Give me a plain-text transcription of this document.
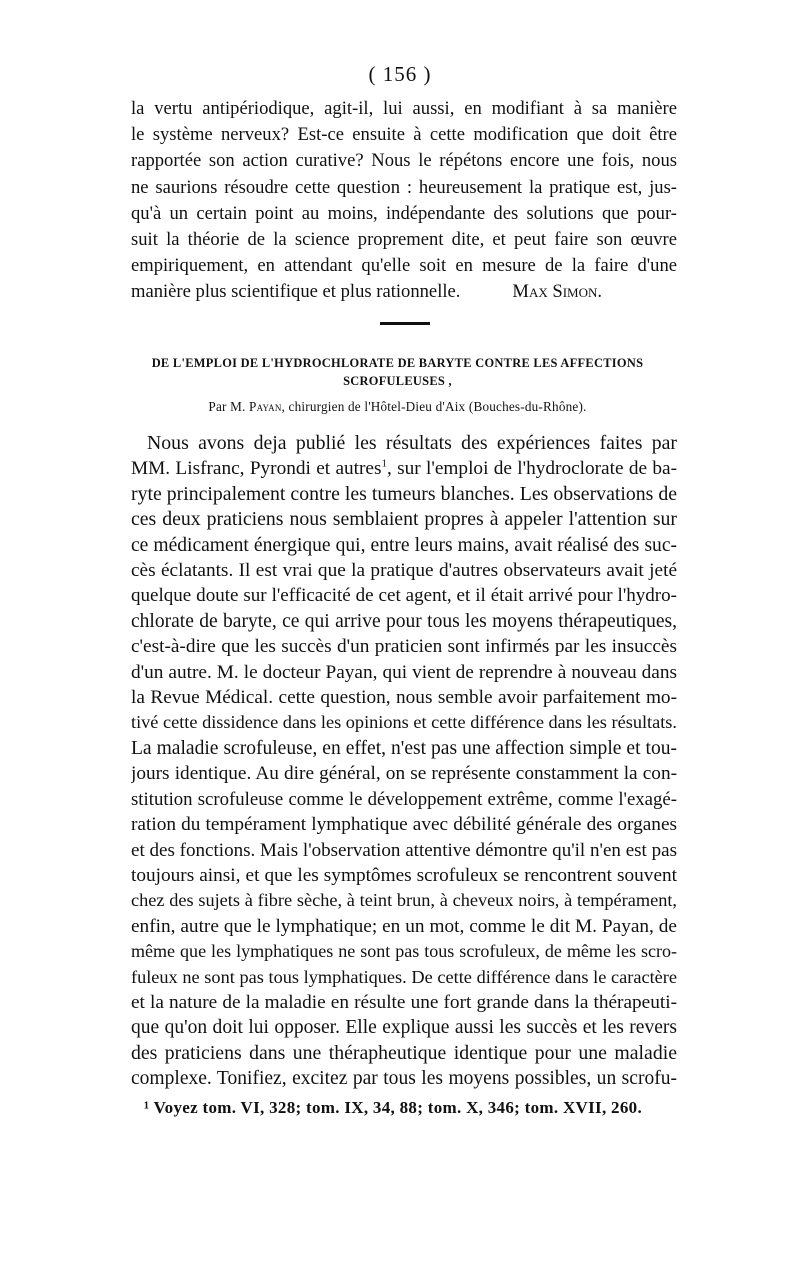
( 156 )
la vertu antipériodique, agit-il, lui aussi, en modifiant à sa manière
le système nerveux? Est-ce ensuite à cette modification que doit être
rapportée son action curative? Nous le répétons encore une fois, nous
ne saurions résoudre cette question : heureusement la pratique est, jus-
qu'à un certain point au moins, indépendante des solutions que pour-
suit la théorie de la science proprement dite, et peut faire son œuvre
empiriquement, en attendant qu'elle soit en mesure de la faire d'une
manière plus scientifique et plus rationnelle.	Max Simon.
DE L'EMPLOI DE L'HYDROCHLORATE DE BARYTE CONTRE LES AFFECTIONS
SCROFULEUSES ,
Par M. Payan, chirurgien de l'Hôtel-Dieu d'Aix (Bouches-du-Rhône).
Nous avons deja publié les résultats des expériences faites par
MM. Lisfranc, Pyrondi et autres$^1$, sur l'emploi de l'hydroclorate de ba-
ryte principalement contre les tumeurs blanches. Les observations de
ces deux praticiens nous semblaient propres à appeler l'attention sur
ce médicament énergique qui, entre leurs mains, avait réalisé des suc-
cès éclatants. Il est vrai que la pratique d'autres observateurs avait jeté
quelque doute sur l'efficacité de cet agent, et il était arrivé pour l'hydro-
chlorate de baryte, ce qui arrive pour tous les moyens thérapeutiques,
c'est-à-dire que les succès d'un praticien sont infirmés par les insuccès
d'un autre. M. le docteur Payan, qui vient de reprendre à nouveau dans
la Revue Médical. cette question, nous semble avoir parfaitement mo-
tivé cette dissidence dans les opinions et cette différence dans les résultats.
La maladie scrofuleuse, en effet, n'est pas une affection simple et tou-
jours identique. Au dire général, on se représente constamment la con-
stitution scrofuleuse comme le développement extrême, comme l'exagé-
ration du tempérament lymphatique avec débilité générale des organes
et des fonctions. Mais l'observation attentive démontre qu'il n'en est pas
toujours ainsi, et que les symptômes scrofuleux se rencontrent souvent
chez des sujets à fibre sèche, à teint brun, à cheveux noirs, à tempérament,
enfin, autre que le lymphatique; en un mot, comme le dit M. Payan, de
même que les lymphatiques ne sont pas tous scrofuleux, de même les scro-
fuleux ne sont pas tous lymphatiques. De cette différence dans le caractère
et la nature de la maladie en résulte une fort grande dans la thérapeuti-
que qu'on doit lui opposer. Elle explique aussi les succès et les revers
des praticiens dans une thérapheutique identique pour une maladie
complexe. Tonifiez, excitez par tous les moyens possibles, un scrofu-
¹ Voyez tom. VI, 328; tom. IX, 34, 88; tom. X, 346; tom. XVII, 260.
